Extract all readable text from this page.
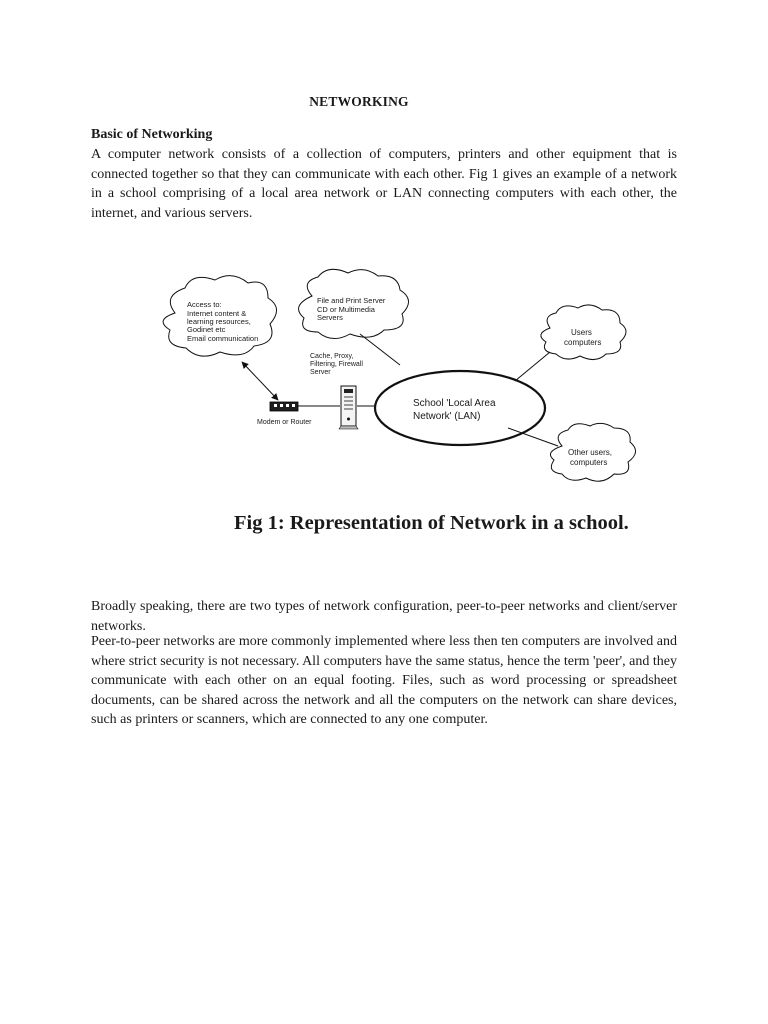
NETWORKING
Basic of Networking

A computer network consists of a collection of computers, printers and other equipment that is connected together so that they can communicate with each other. Fig 1 gives an example of a network in a school comprising of a local area network or LAN connecting computers with each other, the internet, and various servers.

Access to: Internet content & learning resources, Godinet etc Email communication
File and Print Server CD or Multimedia Servers
Users computers
Other users, computers
School 'Local Area Network' (LAN)
Cache, Proxy, Filtering, Firewall Server
Modem or Router
Fig 1: Representation of Network in a school.

Broadly speaking, there are two types of network configuration, peer-to-peer networks and client/server networks.

Peer-to-peer networks are more commonly implemented where less then ten computers are involved and where strict security is not necessary. All computers have the same status, hence the term 'peer', and they communicate with each other on an equal footing. Files, such as word processing or spreadsheet documents, can be shared across the network and all the computers on the network can share devices, such as printers or scanners, which are connected to any one computer.
